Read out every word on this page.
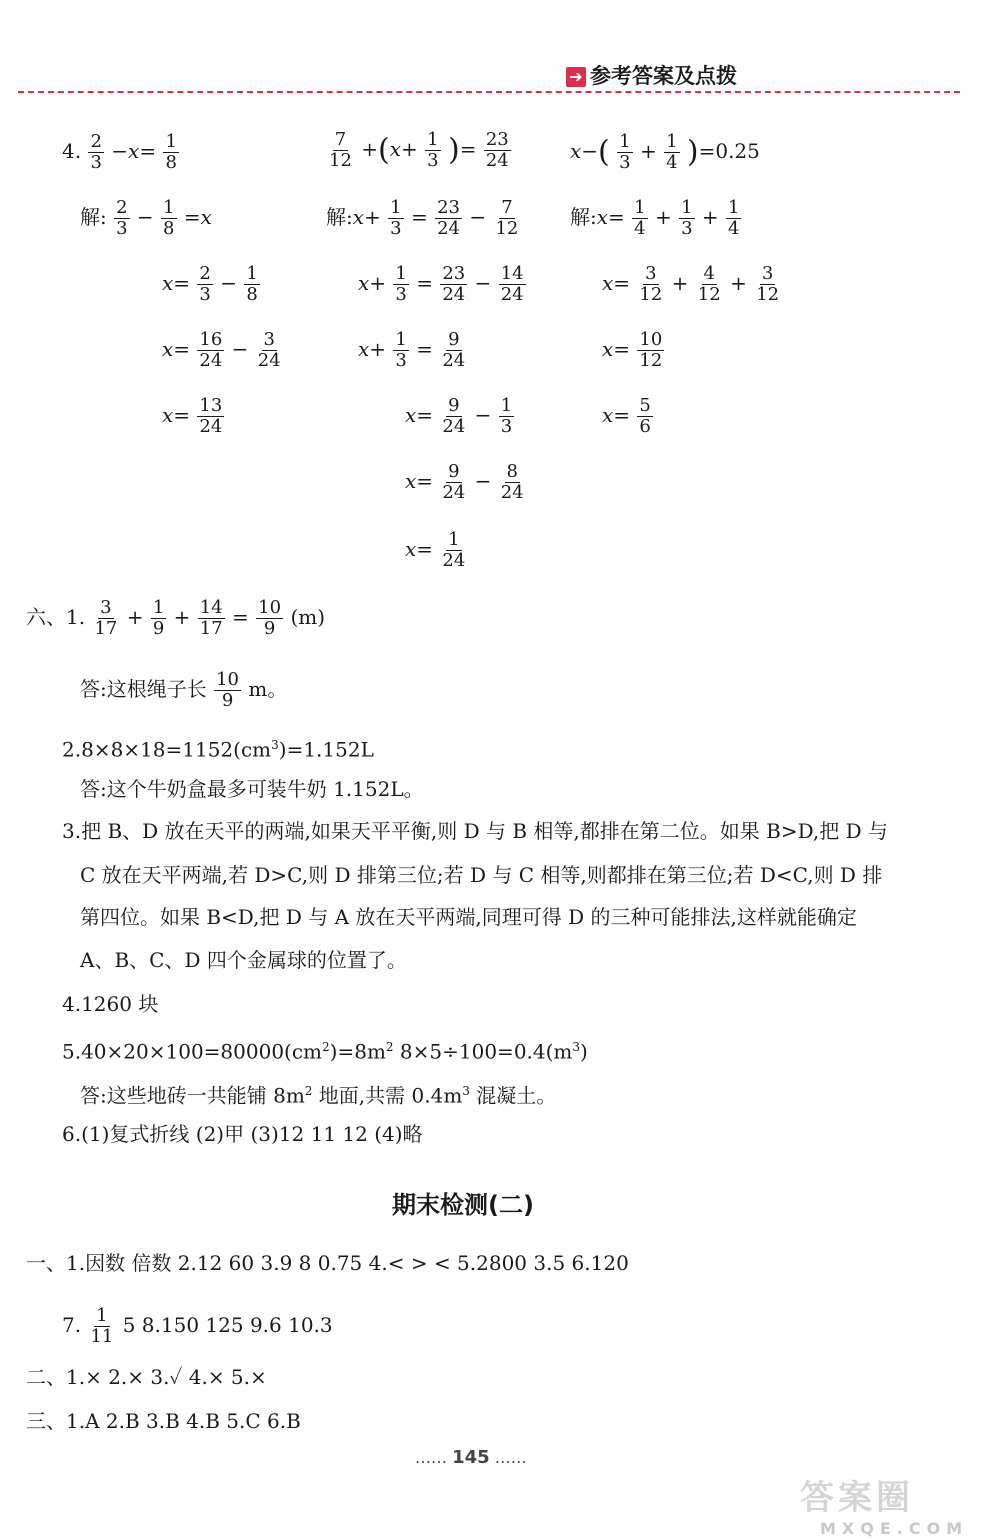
➔ 参考答案及点拨
4. $\frac{2}{3} -x= \frac{1}{8}$
解: $\frac{2}{3} - \frac{1}{8} =x$
$x= \frac{2}{3} - \frac{1}{8}$
$x= \frac{16}{24} - \frac{3}{24}$
$x= \frac{13}{24}$
$\frac{7}{12} +(x+ \frac{1}{3}$ )= $\frac{23}{24}$
解:x+ $\frac{1}{3} = \frac{23}{24} - \frac{7}{12}$
$x+ \frac{1}{3} = \frac{23}{24} - \frac{14}{24}$
$x+ \frac{1}{3} = \frac{9}{24}$
$x= \frac{9}{24} - \frac{1}{3}$
$x= \frac{9}{24} - \frac{8}{24}$
$x= \frac{1}{24}$
$x-( \frac{1}{3} + \frac{1}{4} )=0.25$
解:x= $\frac{1}{4} + \frac{1}{3} + \frac{1}{4}$
$x= \frac{3}{12} + \frac{4}{12} + \frac{3}{12}$
$x= \frac{10}{12}$
$x= \frac{5}{6}$
六、1. $\frac{3}{17} + \frac{1}{9} + \frac{14}{17} = \frac{10}{9} (m)$
答:这根绳子长 $\frac{10}{9}$ m。
$2.8\times 8\times 18=1152(cm^3)=1.152L$
答:这个牛奶盒最多可装牛奶 1.152L。
3.把 B、D 放在天平的两端,如果天平平衡,则 D 与 B 相等,都排在第二位。如果 B>D,把 D 与
C 放在天平两端,若 D>C,则 D 排第三位;若 D 与 C 相等,则都排在第三位;若 D<C,则 D 排
第四位。如果 B<D,把 D 与 A 放在天平两端,同理可得 D 的三种可能排法,这样就能确定
A、B、C、D 四个金属球的位置了。
4.1260 块
$5.40\times 20\times 100=80000(cm^2)=8m^2$ $8\times 5\div 100=0.4(m^3)$
答:这些地砖一共能铺 $8m^2$ 地面,共需 $0.4m^3$ 混凝土。
6.(1)复式折线 (2)甲 (3)12 11 12 (4)略
期末检测(二)
一、1.因数 倍数 2.12 60 3.9 8 0.75 4.< > < 5.2800 3.5 6.120
7. $\frac{1}{11} 5$ 8.150 125 9.6 10.3
二、1.× 2.× 3.✓ 4.× 5.×
三、1.A 2.B 3.B 4.B 5.C 6.B
…… 145 ……
答案圈
MXQE.COM
